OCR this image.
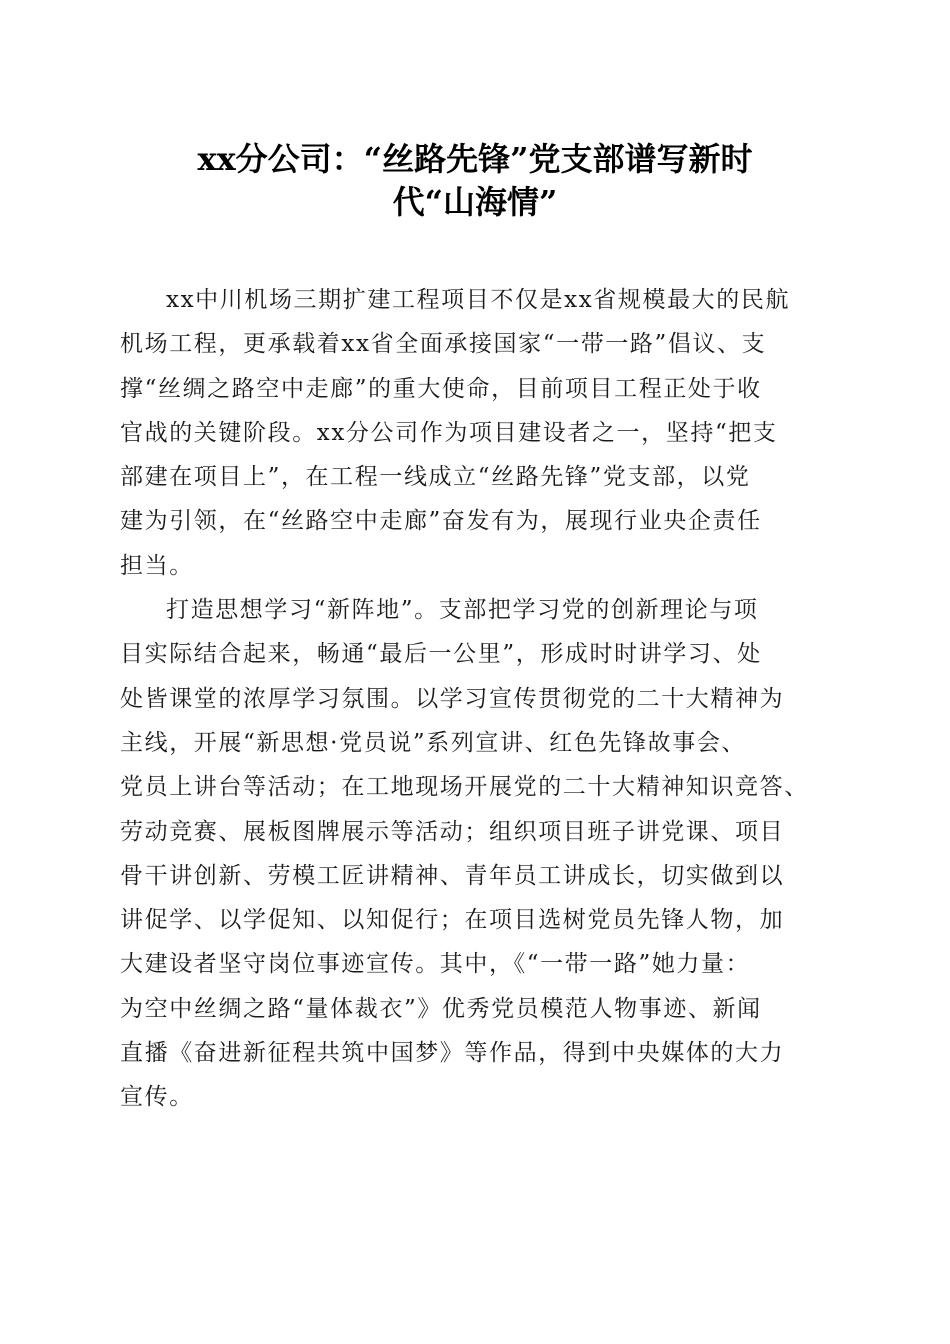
xx分公司：“丝路先锋”党支部谱写新时
代“山海情”
xx中川机场三期扩建工程项目不仅是xx省规模最大的民航
机场工程，更承载着xx省全面承接国家“一带一路”倡议、支
撑“丝绸之路空中走廊”的重大使命，目前项目工程正处于收
官战的关键阶段。xx分公司作为项目建设者之一，坚持“把支
部建在项目上”，在工程一线成立“丝路先锋”党支部，以党
建为引领，在“丝路空中走廊”奋发有为，展现行业央企责任
担当。
打造思想学习“新阵地”。支部把学习党的创新理论与项
目实际结合起来，畅通“最后一公里”，形成时时讲学习、处
处皆课堂的浓厚学习氛围。以学习宣传贯彻党的二十大精神为
主线，开展“新思想·党员说”系列宣讲、红色先锋故事会、
党员上讲台等活动；在工地现场开展党的二十大精神知识竞答、
劳动竞赛、展板图牌展示等活动；组织项目班子讲党课、项目
骨干讲创新、劳模工匠讲精神、青年员工讲成长，切实做到以
讲促学、以学促知、以知促行；在项目选树党员先锋人物，加
大建设者坚守岗位事迹宣传。其中，《“一带一路”她力量：
为空中丝绸之路“量体裁衣”》优秀党员模范人物事迹、新闻
直播《奋进新征程共筑中国梦》等作品，得到中央媒体的大力
宣传。
